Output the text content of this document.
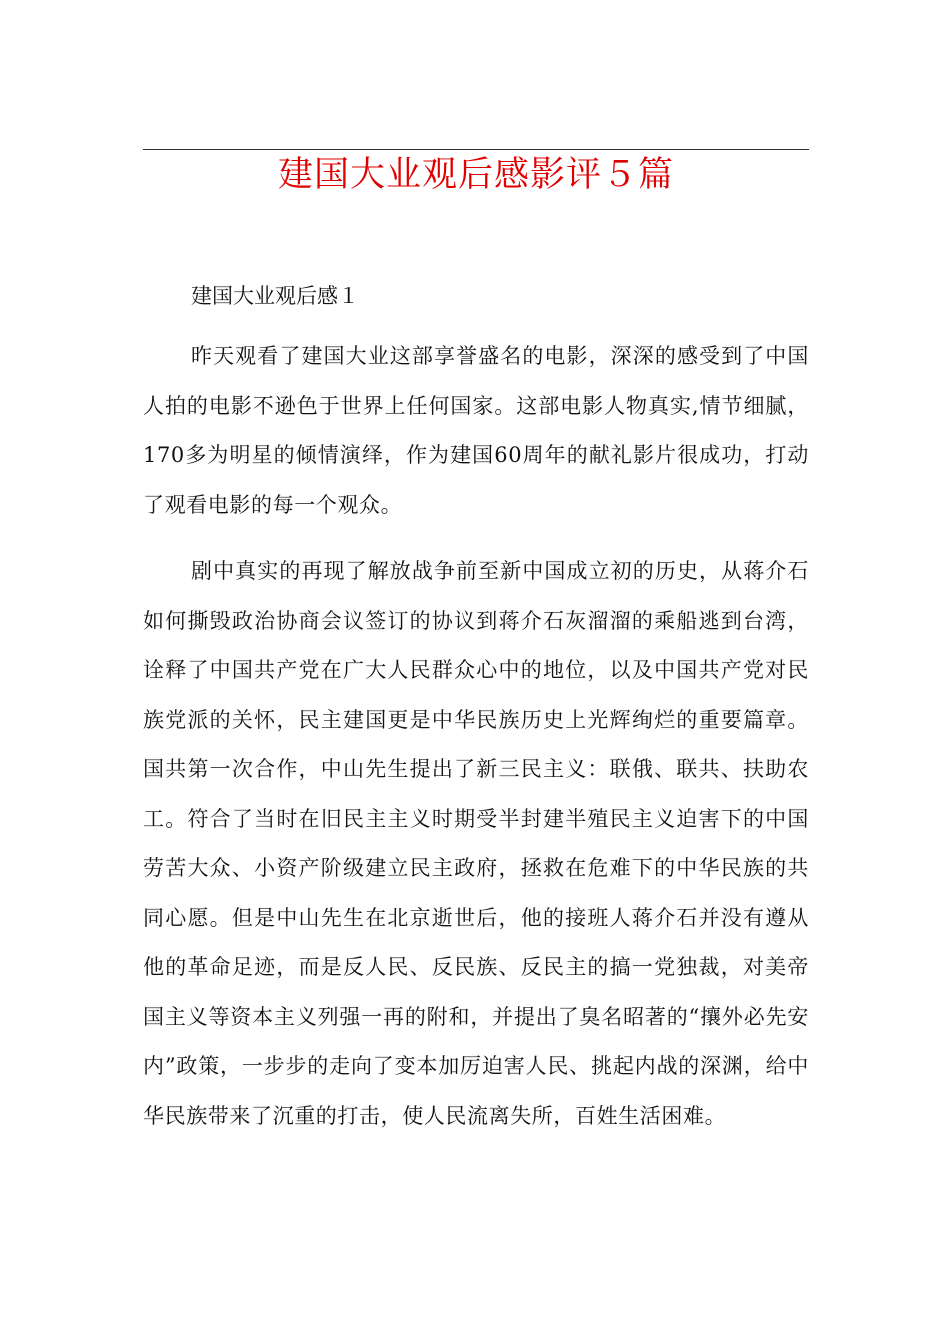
建国大业观后感影评５篇

建国大业观后感１

昨天观看了建国大业这部享誉盛名的电影，深深的感受到了中国人拍的电影不逊色于世界上任何国家。这部电影人物真实,情节细腻，170多为明星的倾情演绎，作为建国60周年的献礼影片很成功，打动了观看电影的每一个观众。

剧中真实的再现了解放战争前至新中国成立初的历史，从蒋介石如何撕毁政治协商会议签订的协议到蒋介石灰溜溜的乘船逃到台湾，诠释了中国共产党在广大人民群众心中的地位，以及中国共产党对民族党派的关怀，民主建国更是中华民族历史上光辉绚烂的重要篇章。国共第一次合作，中山先生提出了新三民主义：联俄、联共、扶助农工。符合了当时在旧民主主义时期受半封建半殖民主义迫害下的中国劳苦大众、小资产阶级建立民主政府，拯救在危难下的中华民族的共同心愿。但是中山先生在北京逝世后，他的接班人蒋介石并没有遵从他的革命足迹，而是反人民、反民族、反民主的搞一党独裁，对美帝国主义等资本主义列强一再的附和，并提出了臭名昭著的“攘外必先安内”政策，一步步的走向了变本加厉迫害人民、挑起内战的深渊，给中华民族带来了沉重的打击，使人民流离失所，百姓生活困难。
